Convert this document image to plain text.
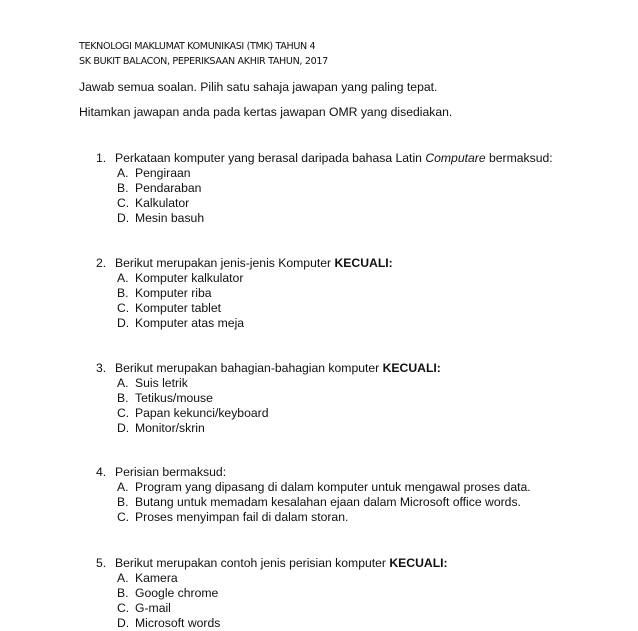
TEKNOLOGI MAKLUMAT KOMUNIKASI (TMK) TAHUN 4
SK BUKIT BALACON, PEPERIKSAAN AKHIR TAHUN, 2017
Jawab semua soalan. Pilih satu sahaja jawapan yang paling tepat.
Hitamkan jawapan anda pada kertas jawapan OMR yang disediakan.
1. Perkataan komputer yang berasal daripada bahasa Latin Computare bermaksud:
A. Pengiraan
B. Pendaraban
C. Kalkulator
D. Mesin basuh
2. Berikut merupakan jenis-jenis Komputer KECUALI:
A. Komputer kalkulator
B. Komputer riba
C. Komputer tablet
D. Komputer atas meja
3. Berikut merupakan bahagian-bahagian komputer KECUALI:
A. Suis letrik
B. Tetikus/mouse
C. Papan kekunci/keyboard
D. Monitor/skrin
4. Perisian bermaksud:
A. Program yang dipasang di dalam komputer untuk mengawal proses data.
B. Butang untuk memadam kesalahan ejaan dalam Microsoft office words.
C. Proses menyimpan fail di dalam storan.
5. Berikut merupakan contoh jenis perisian komputer KECUALI:
A. Kamera
B. Google chrome
C. G-mail
D. Microsoft words
